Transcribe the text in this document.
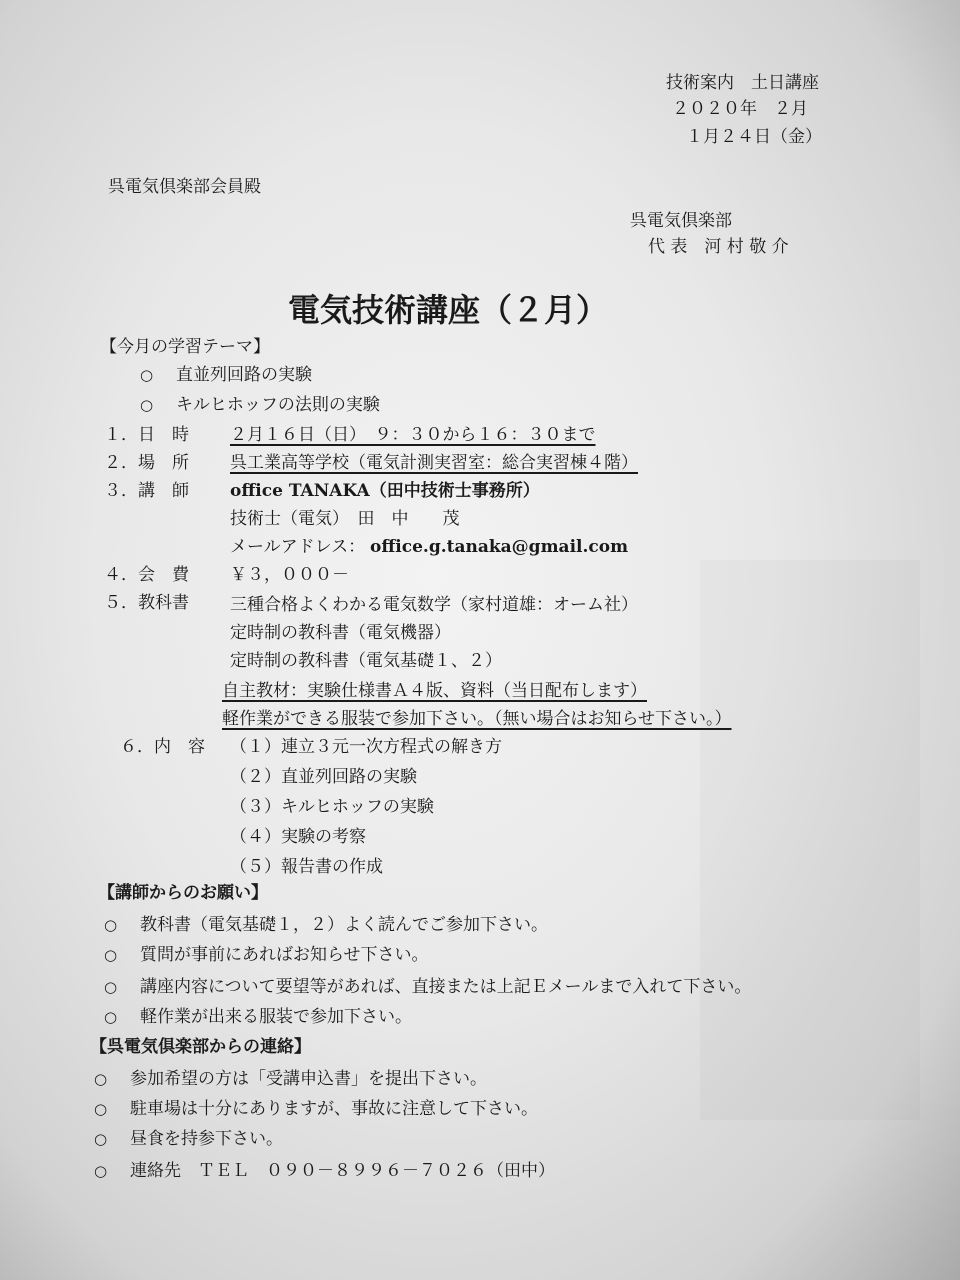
技術案内　土日講座
２０２０年　２月
１月２４日（金）
呉電気倶楽部会員殿
呉電気倶楽部
代 表　河 村 敬 介
電気技術講座（２月）
【今月の学習テーマ】
○ 直並列回路の実験
○ キルヒホッフの法則の実験
１．日　時 ２月１６日（日）　９：３０から１６：３０まで
２．場　所 呉工業高等学校（電気計測実習室：総合実習棟４階）
３．講　師 office TANAKA（田中技術士事務所）
技術士（電気）　田　中　　茂
メールアドレス： office.g.tanaka@gmail.com
４．会　費 ￥３，０００－
５．教科書 三種合格よくわかる電気数学（家村道雄：オーム社）
定時制の教科書（電気機器）
定時制の教科書（電気基礎１、２）
自主教材：実験仕様書Ａ４版、資料（当日配布します）
軽作業ができる服装で参加下さい。（無い場合はお知らせ下さい。）
６．内　容 （１）連立３元一次方程式の解き方
（２）直並列回路の実験
（３）キルヒホッフの実験
（４）実験の考察
（５）報告書の作成
【講師からのお願い】
○ 教科書（電気基礎１，２）よく読んでご参加下さい。
○ 質問が事前にあればお知らせ下さい。
○ 講座内容について要望等があれば、直接または上記Ｅメールまで入れて下さい。
○ 軽作業が出来る服装で参加下さい。
【呉電気倶楽部からの連絡】
○ 参加希望の方は「受講申込書」を提出下さい。
○ 駐車場は十分にありますが、事故に注意して下さい。
○ 昼食を持参下さい。
○ 連絡先　ＴＥＬ　０９０－８９９６－７０２６（田中）
